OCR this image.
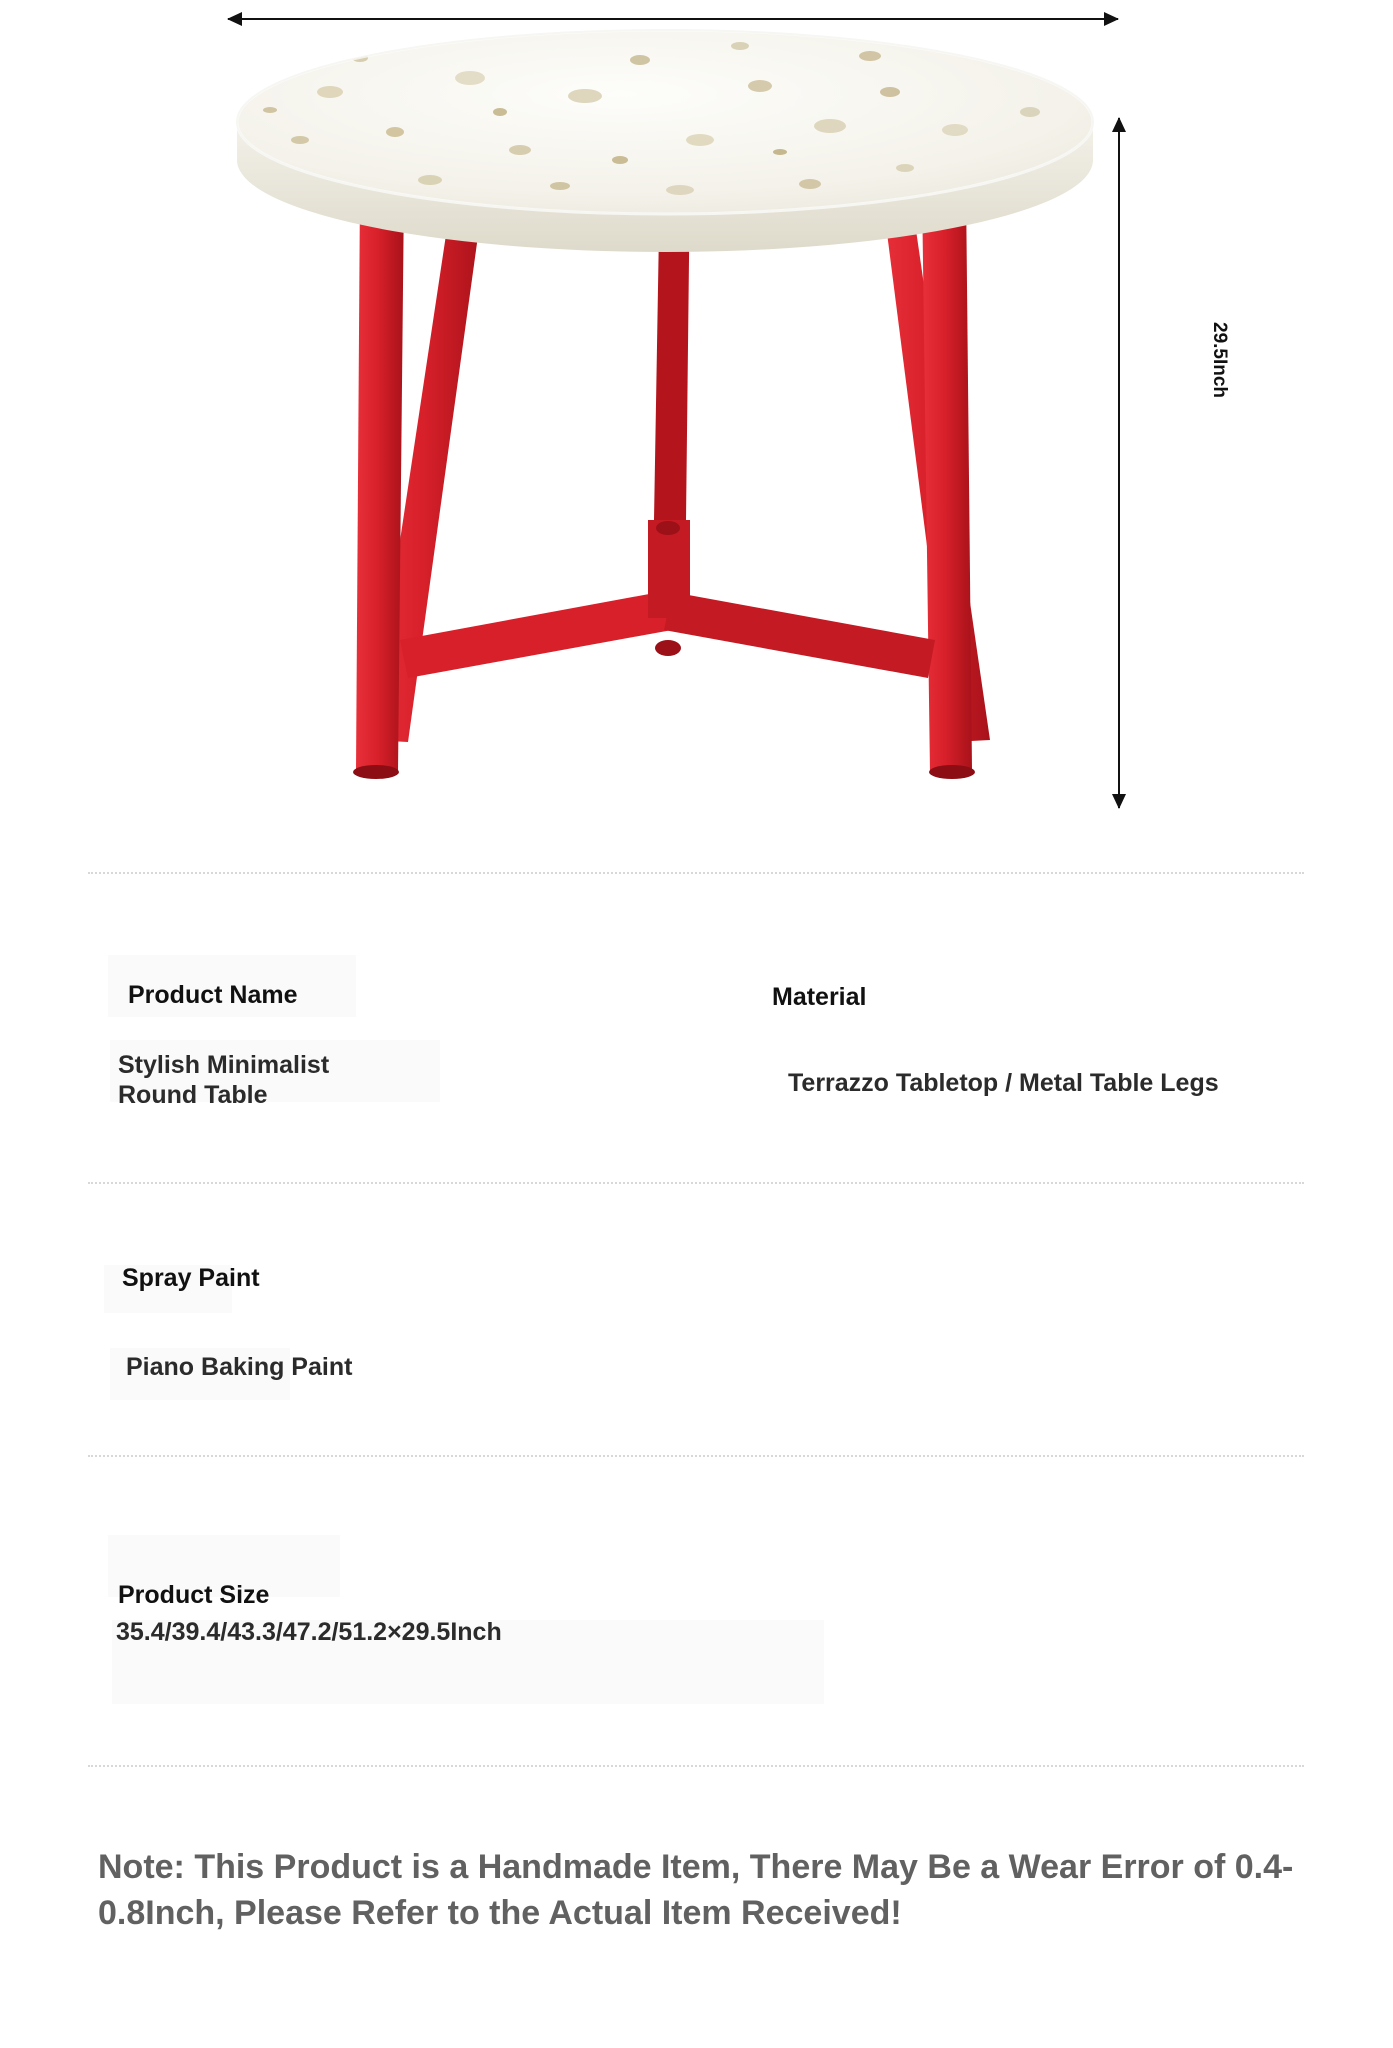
29.5Inch
Product Name
Stylish Minimalist
Round Table
Material
Terrazzo Tabletop / Metal Table Legs
Spray Paint
Piano Baking Paint
Product Size
35.4/39.4/43.3/47.2/51.2×29.5Inch
Note: This Product is a Handmade Item, There May Be a Wear Error of 0.4-0.8Inch, Please Refer to the Actual Item Received!
